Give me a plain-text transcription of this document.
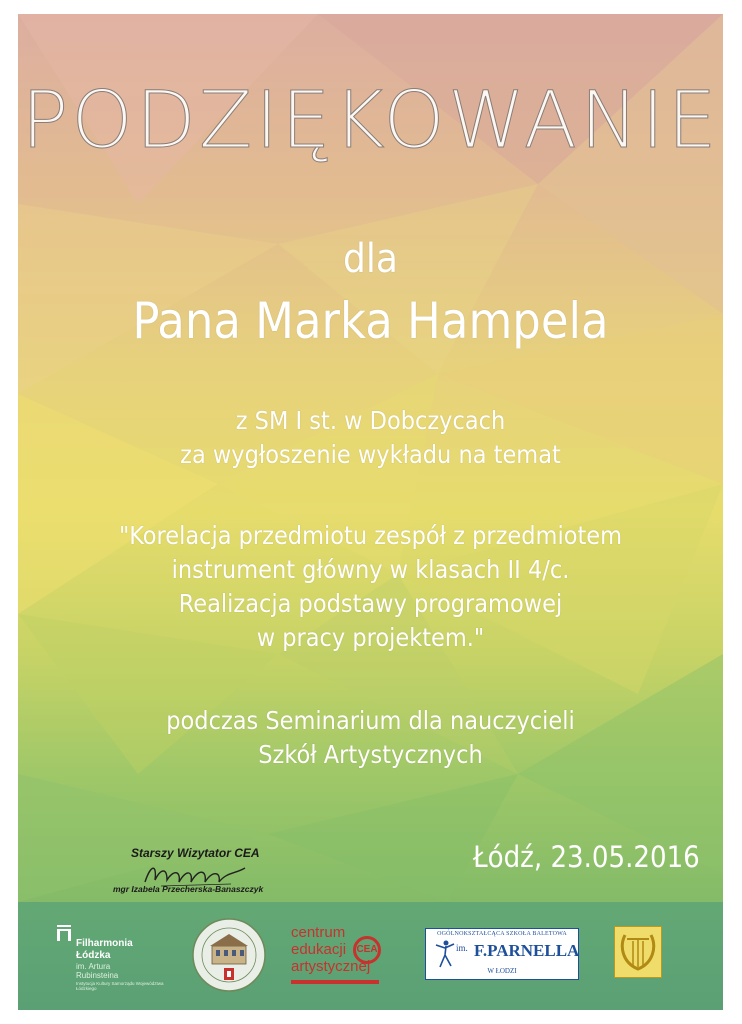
PODZIĘKOWANIE
dla
Pana Marka Hampela
z SM I st. w Dobczycach
za wygłoszenie wykładu na temat
"Korelacja przedmiotu zespół z przedmiotem
instrument główny w klasach II 4/c.
Realizacja podstawy programowej
w pracy projektem."
podczas Seminarium dla nauczycieli
Szkół Artystycznych
Łódź, 23.05.2016
Starszy Wizytator CEA
mgr Izabela Przecherska-Banaszczyk
Filharmonia
Łódzka
im. Artura
Rubinsteina
Instytucja Kultury Samorządu Województwa Łódzkiego
centrum
edukacji
artystycznej
CEA
OGÓLNOKSZTAŁCĄCA SZKOŁA BALETOWA
im. F.PARNELLA
W ŁODZI
